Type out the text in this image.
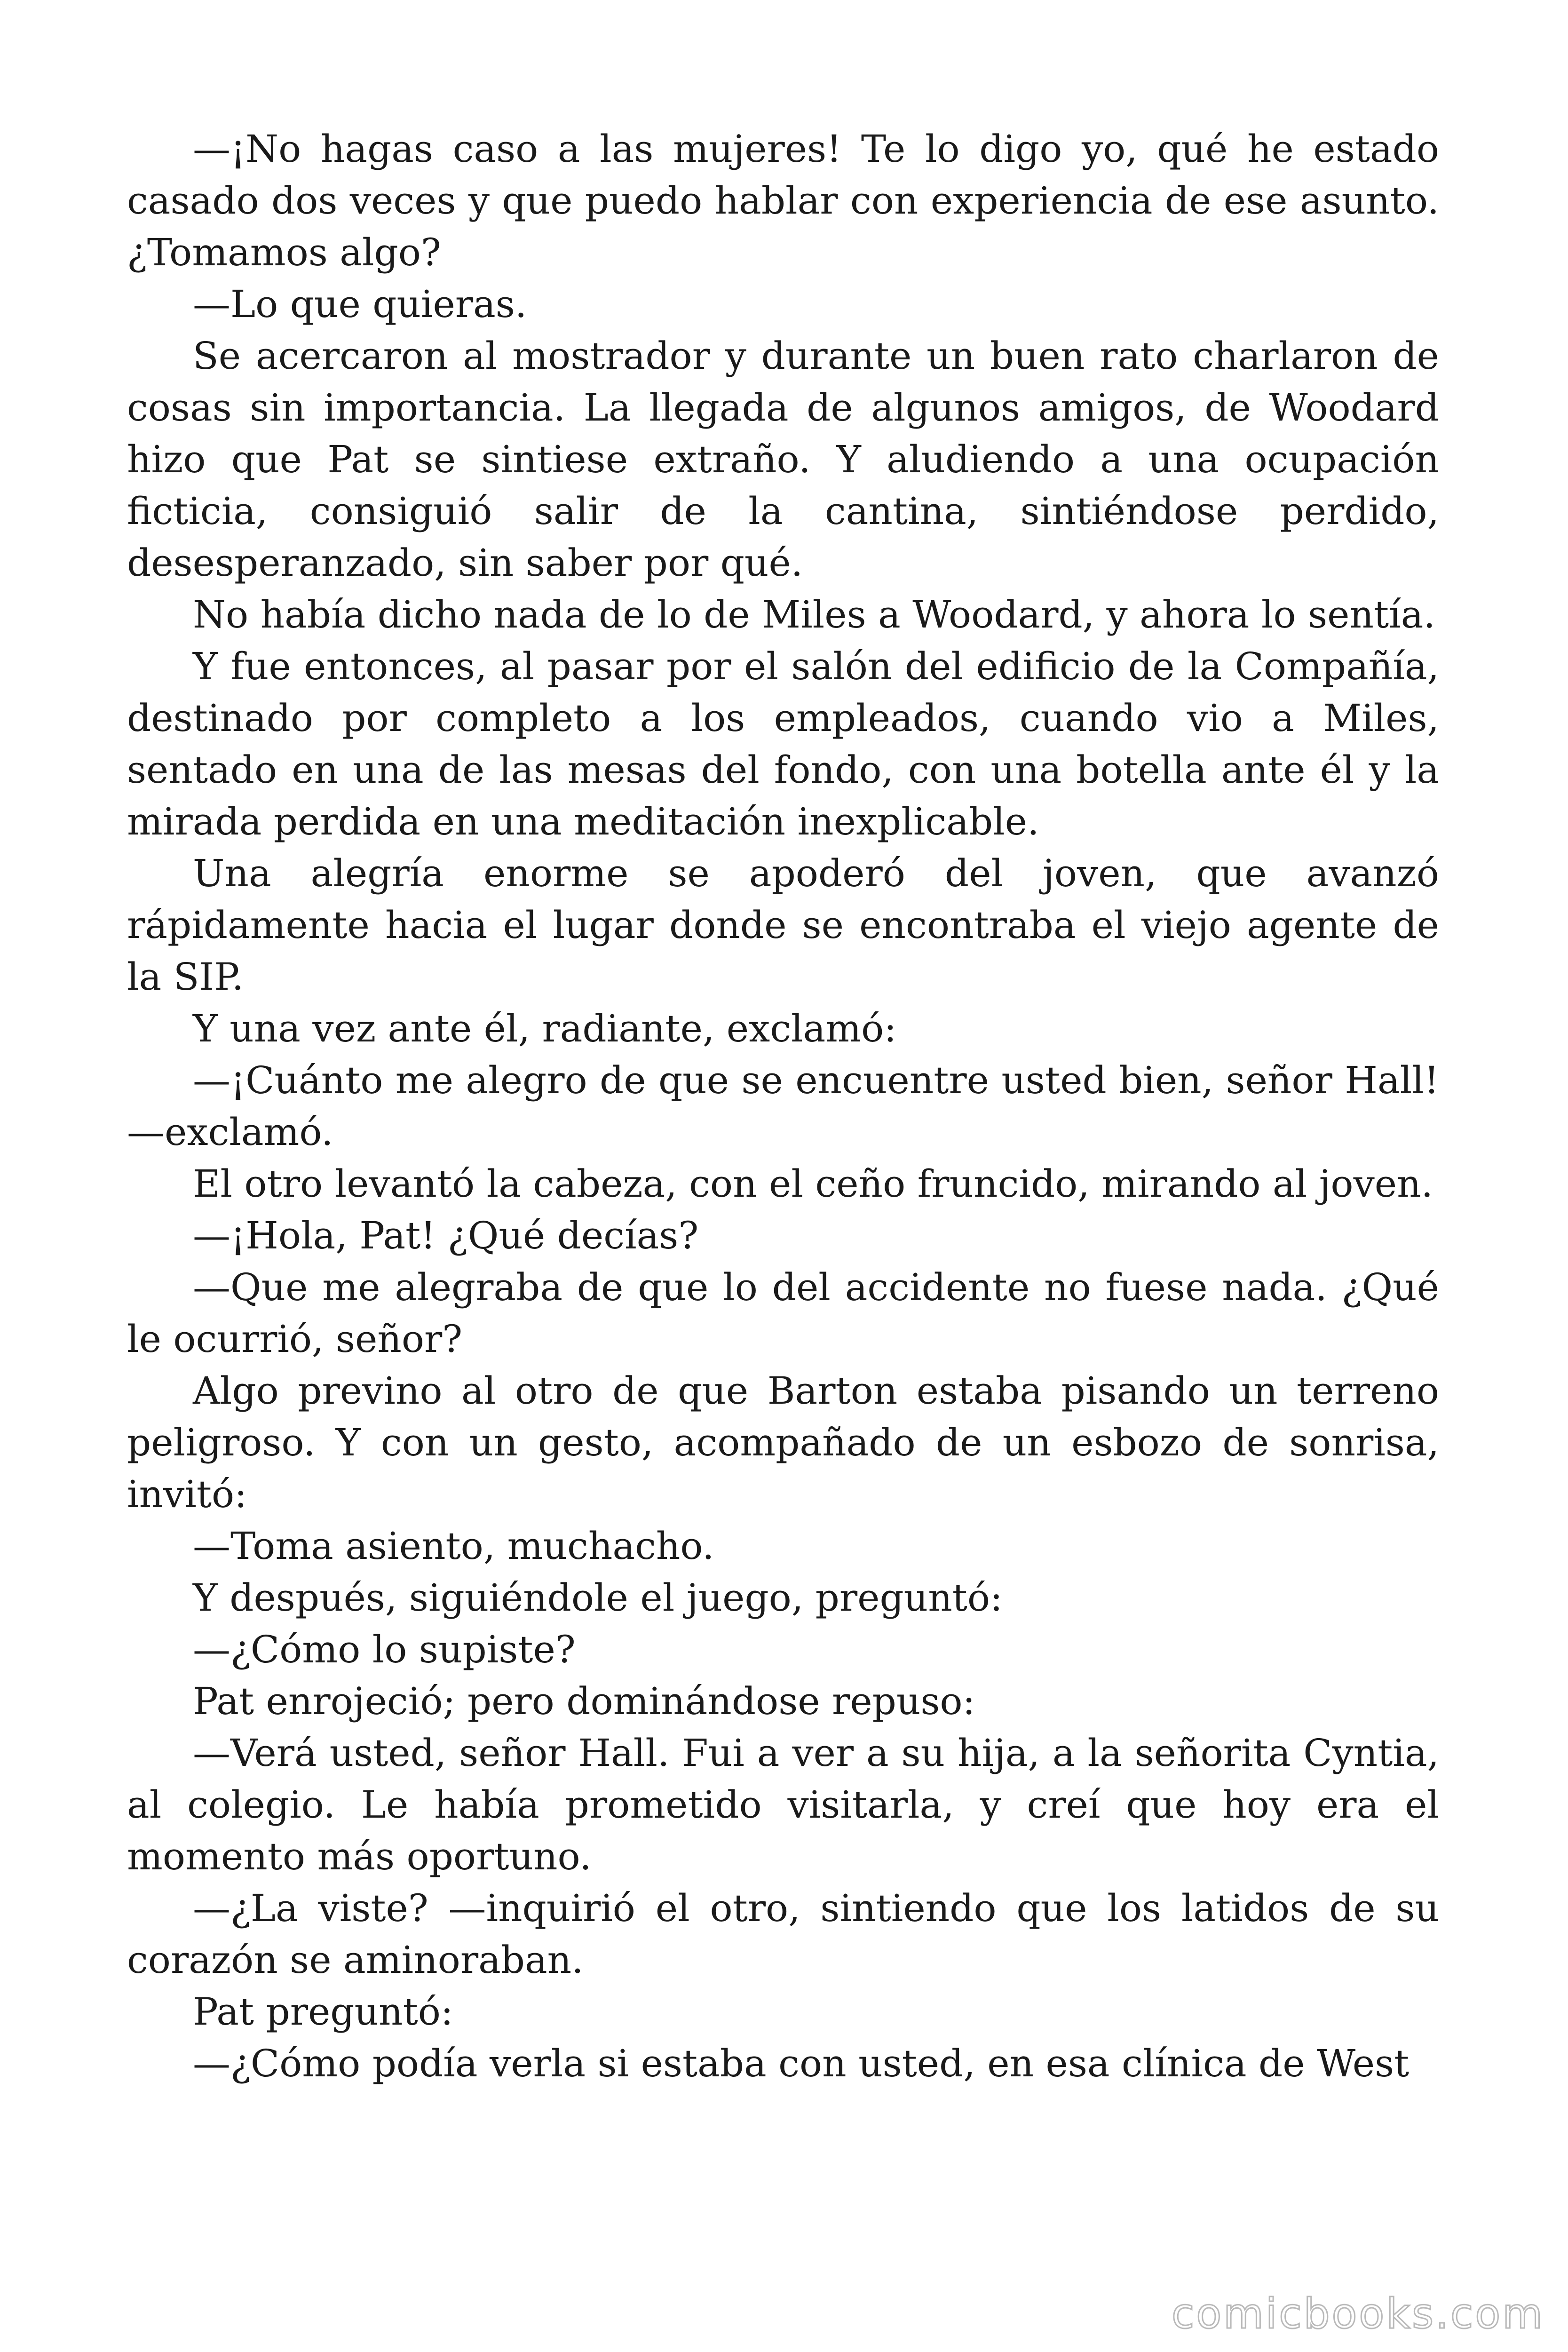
—¡No hagas caso a las mujeres! Te lo digo yo, qué he estado casado dos veces y que puedo hablar con experiencia de ese asunto. ¿Tomamos algo?

—Lo que quieras.

Se acercaron al mostrador y durante un buen rato charlaron de cosas sin importancia. La llegada de algunos amigos, de Woodard hizo que Pat se sintiese extraño. Y aludiendo a una ocupación ficticia, consiguió salir de la cantina, sintiéndose perdido, desesperanzado, sin saber por qué.

No había dicho nada de lo de Miles a Woodard, y ahora lo sentía.

Y fue entonces, al pasar por el salón del edificio de la Compañía, destinado por completo a los empleados, cuando vio a Miles, sentado en una de las mesas del fondo, con una botella ante él y la mirada perdida en una meditación inexplicable.

Una alegría enorme se apoderó del joven, que avanzó rápidamente hacia el lugar donde se encontraba el viejo agente de la SIP.

Y una vez ante él, radiante, exclamó:

—¡Cuánto me alegro de que se encuentre usted bien, señor Hall! —exclamó.

El otro levantó la cabeza, con el ceño fruncido, mirando al joven.

—¡Hola, Pat! ¿Qué decías?

—Que me alegraba de que lo del accidente no fuese nada. ¿Qué le ocurrió, señor?

Algo previno al otro de que Barton estaba pisando un terreno peligroso. Y con un gesto, acompañado de un esbozo de sonrisa, invitó:

—Toma asiento, muchacho.

Y después, siguiéndole el juego, preguntó:

—¿Cómo lo supiste?

Pat enrojeció; pero dominándose repuso:

—Verá usted, señor Hall. Fui a ver a su hija, a la señorita Cyntia, al colegio. Le había prometido visitarla, y creí que hoy era el momento más oportuno.

—¿La viste? —inquirió el otro, sintiendo que los latidos de su corazón se aminoraban.

Pat preguntó:

—¿Cómo podía verla si estaba con usted, en esa clínica de West

comicbooks.com
